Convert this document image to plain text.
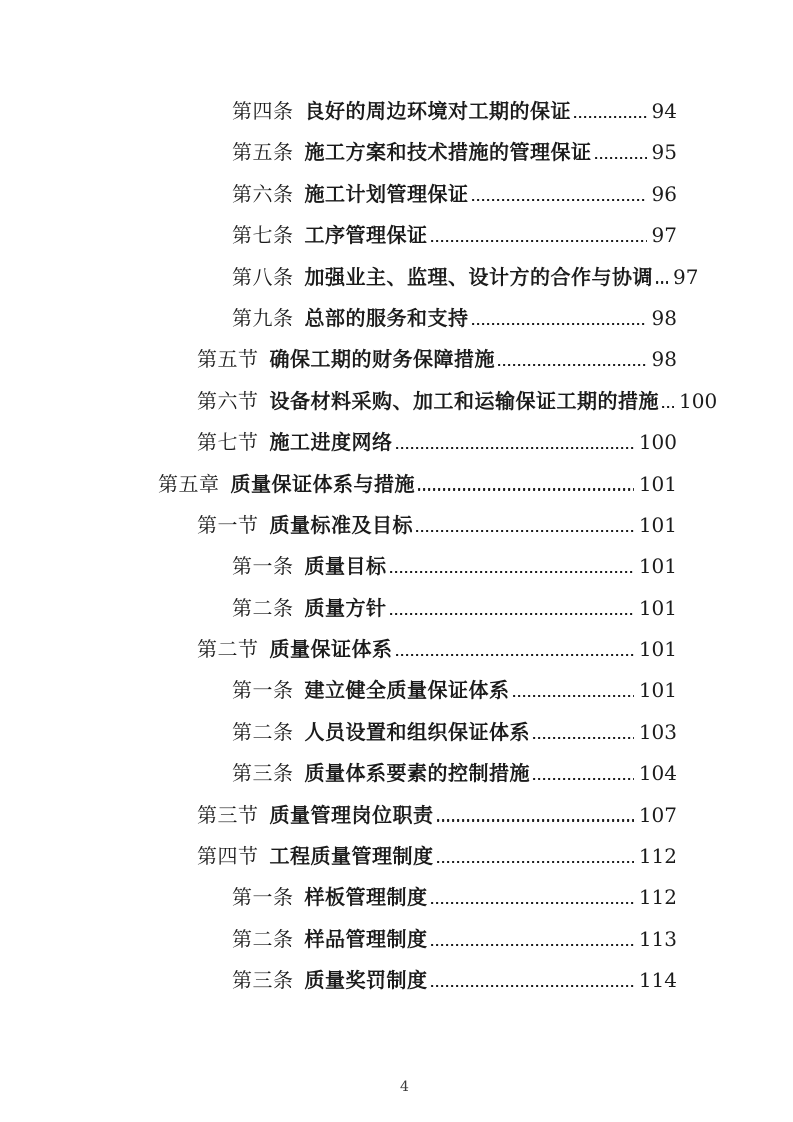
第四条 良好的周边环境对工期的保证	94
第五条 施工方案和技术措施的管理保证	95
第六条 施工计划管理保证	96
第七条 工序管理保证	97
第八条 加强业主、监理、设计方的合作与协调 97
第九条 总部的服务和支持	98
第五节 确保工期的财务保障措施	98
第六节 设备材料采购、加工和运输保证工期的措施 100
第七节 施工进度网络	100
第五章 质量保证体系与措施	101
第一节 质量标准及目标	101
第一条 质量目标	101
第二条 质量方针	101
第二节 质量保证体系	101
第一条 建立健全质量保证体系	101
第二条 人员设置和组织保证体系	103
第三条 质量体系要素的控制措施	104
第三节 质量管理岗位职责	107
第四节 工程质量管理制度	112
第一条 样板管理制度	112
第二条 样品管理制度	113
第三条 质量奖罚制度	114
4
